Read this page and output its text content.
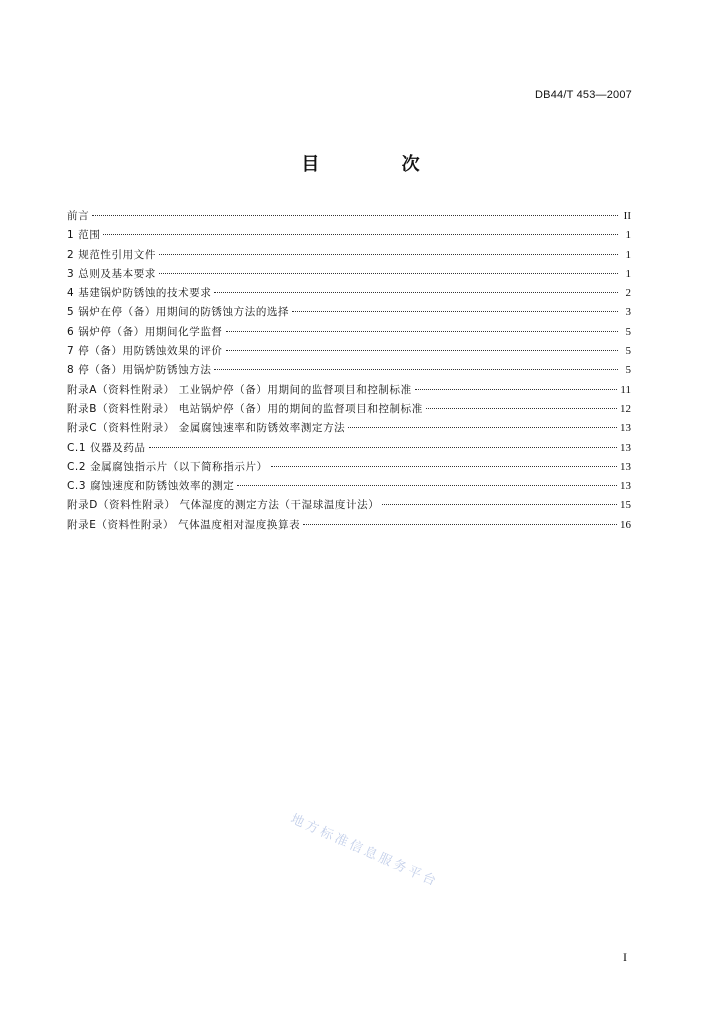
DB44/T 453—2007
目 次
前言	II
1 范围	1
2 规范性引用文件	1
3 总则及基本要求	1
4 基建锅炉防锈蚀的技术要求	2
5 锅炉在停（备）用期间的防锈蚀方法的选择	3
6 锅炉停（备）用期间化学监督	5
7 停（备）用防锈蚀效果的评价	5
8 停（备）用锅炉防锈蚀方法	5
附录A（资料性附录） 工业锅炉停（备）用期间的监督项目和控制标准	11
附录B（资料性附录） 电站锅炉停（备）用的期间的监督项目和控制标准	12
附录C（资料性附录） 金属腐蚀速率和防锈效率测定方法	13
C.1 仪器及药品	13
C.2 金属腐蚀指示片（以下简称指示片）	13
C.3 腐蚀速度和防锈蚀效率的测定	13
附录D（资料性附录） 气体湿度的测定方法（干湿球温度计法）	15
附录E（资料性附录） 气体温度相对湿度换算表	16
地方标准信息服务平台
I
